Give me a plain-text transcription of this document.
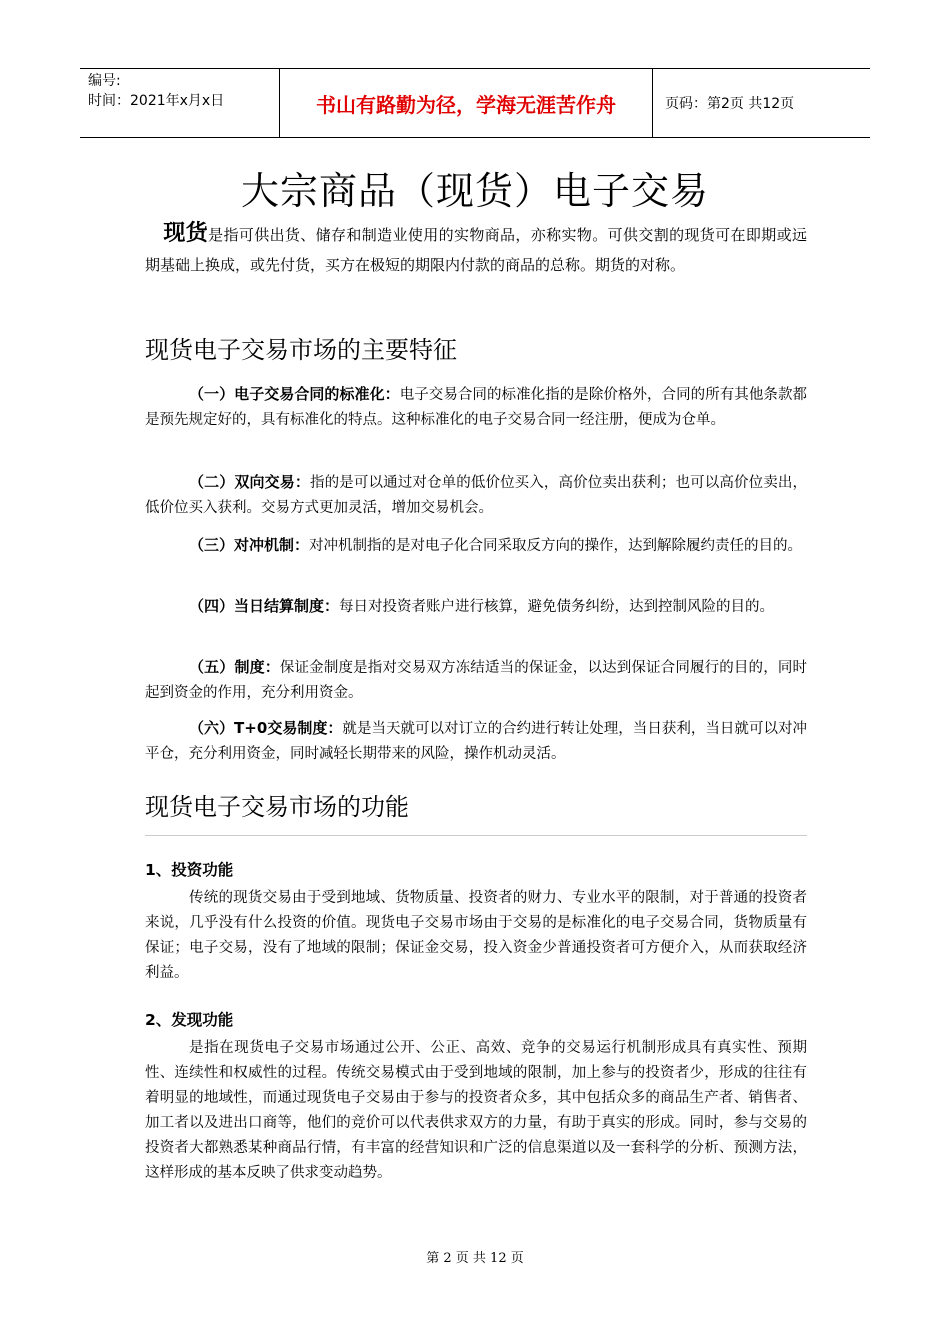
编号:
时间：2021年x月x日	书山有路勤为径，学海无涯苦作舟	页码：第2页 共12页
大宗商品（现货）电子交易
现货是指可供出货、储存和制造业使用的实物商品，亦称实物。可供交割的现货可在即期或远期基础上换成，或先付货，买方在极短的期限内付款的商品的总称。期货的对称。
现货电子交易市场的主要特征
（一）电子交易合同的标准化：电子交易合同的标准化指的是除价格外，合同的所有其他条款都是预先规定好的，具有标准化的特点。这种标准化的电子交易合同一经注册，便成为仓单。
（二）双向交易：指的是可以通过对仓单的低价位买入，高价位卖出获利；也可以高价位卖出，低价位买入获利。交易方式更加灵活，增加交易机会。
（三）对冲机制：对冲机制指的是对电子化合同采取反方向的操作，达到解除履约责任的目的。
（四）当日结算制度：每日对投资者账户进行核算，避免债务纠纷，达到控制风险的目的。
（五）制度：保证金制度是指对交易双方冻结适当的保证金，以达到保证合同履行的目的，同时起到资金的作用，充分利用资金。
（六）T+0交易制度：就是当天就可以对订立的合约进行转让处理，当日获利，当日就可以对冲平仓，充分利用资金，同时减轻长期带来的风险，操作机动灵活。
现货电子交易市场的功能
1、投资功能
传统的现货交易由于受到地域、货物质量、投资者的财力、专业水平的限制，对于普通的投资者来说，几乎没有什么投资的价值。现货电子交易市场由于交易的是标准化的电子交易合同，货物质量有保证；电子交易，没有了地域的限制；保证金交易，投入资金少普通投资者可方便介入，从而获取经济利益。
2、发现功能
是指在现货电子交易市场通过公开、公正、高效、竞争的交易运行机制形成具有真实性、预期性、连续性和权威性的过程。传统交易模式由于受到地域的限制，加上参与的投资者少，形成的往往有着明显的地域性，而通过现货电子交易由于参与的投资者众多，其中包括众多的商品生产者、销售者、加工者以及进出口商等，他们的竞价可以代表供求双方的力量，有助于真实的形成。同时，参与交易的投资者大都熟悉某种商品行情，有丰富的经营知识和广泛的信息渠道以及一套科学的分析、预测方法，这样形成的基本反映了供求变动趋势。
第 2 页 共 12 页
